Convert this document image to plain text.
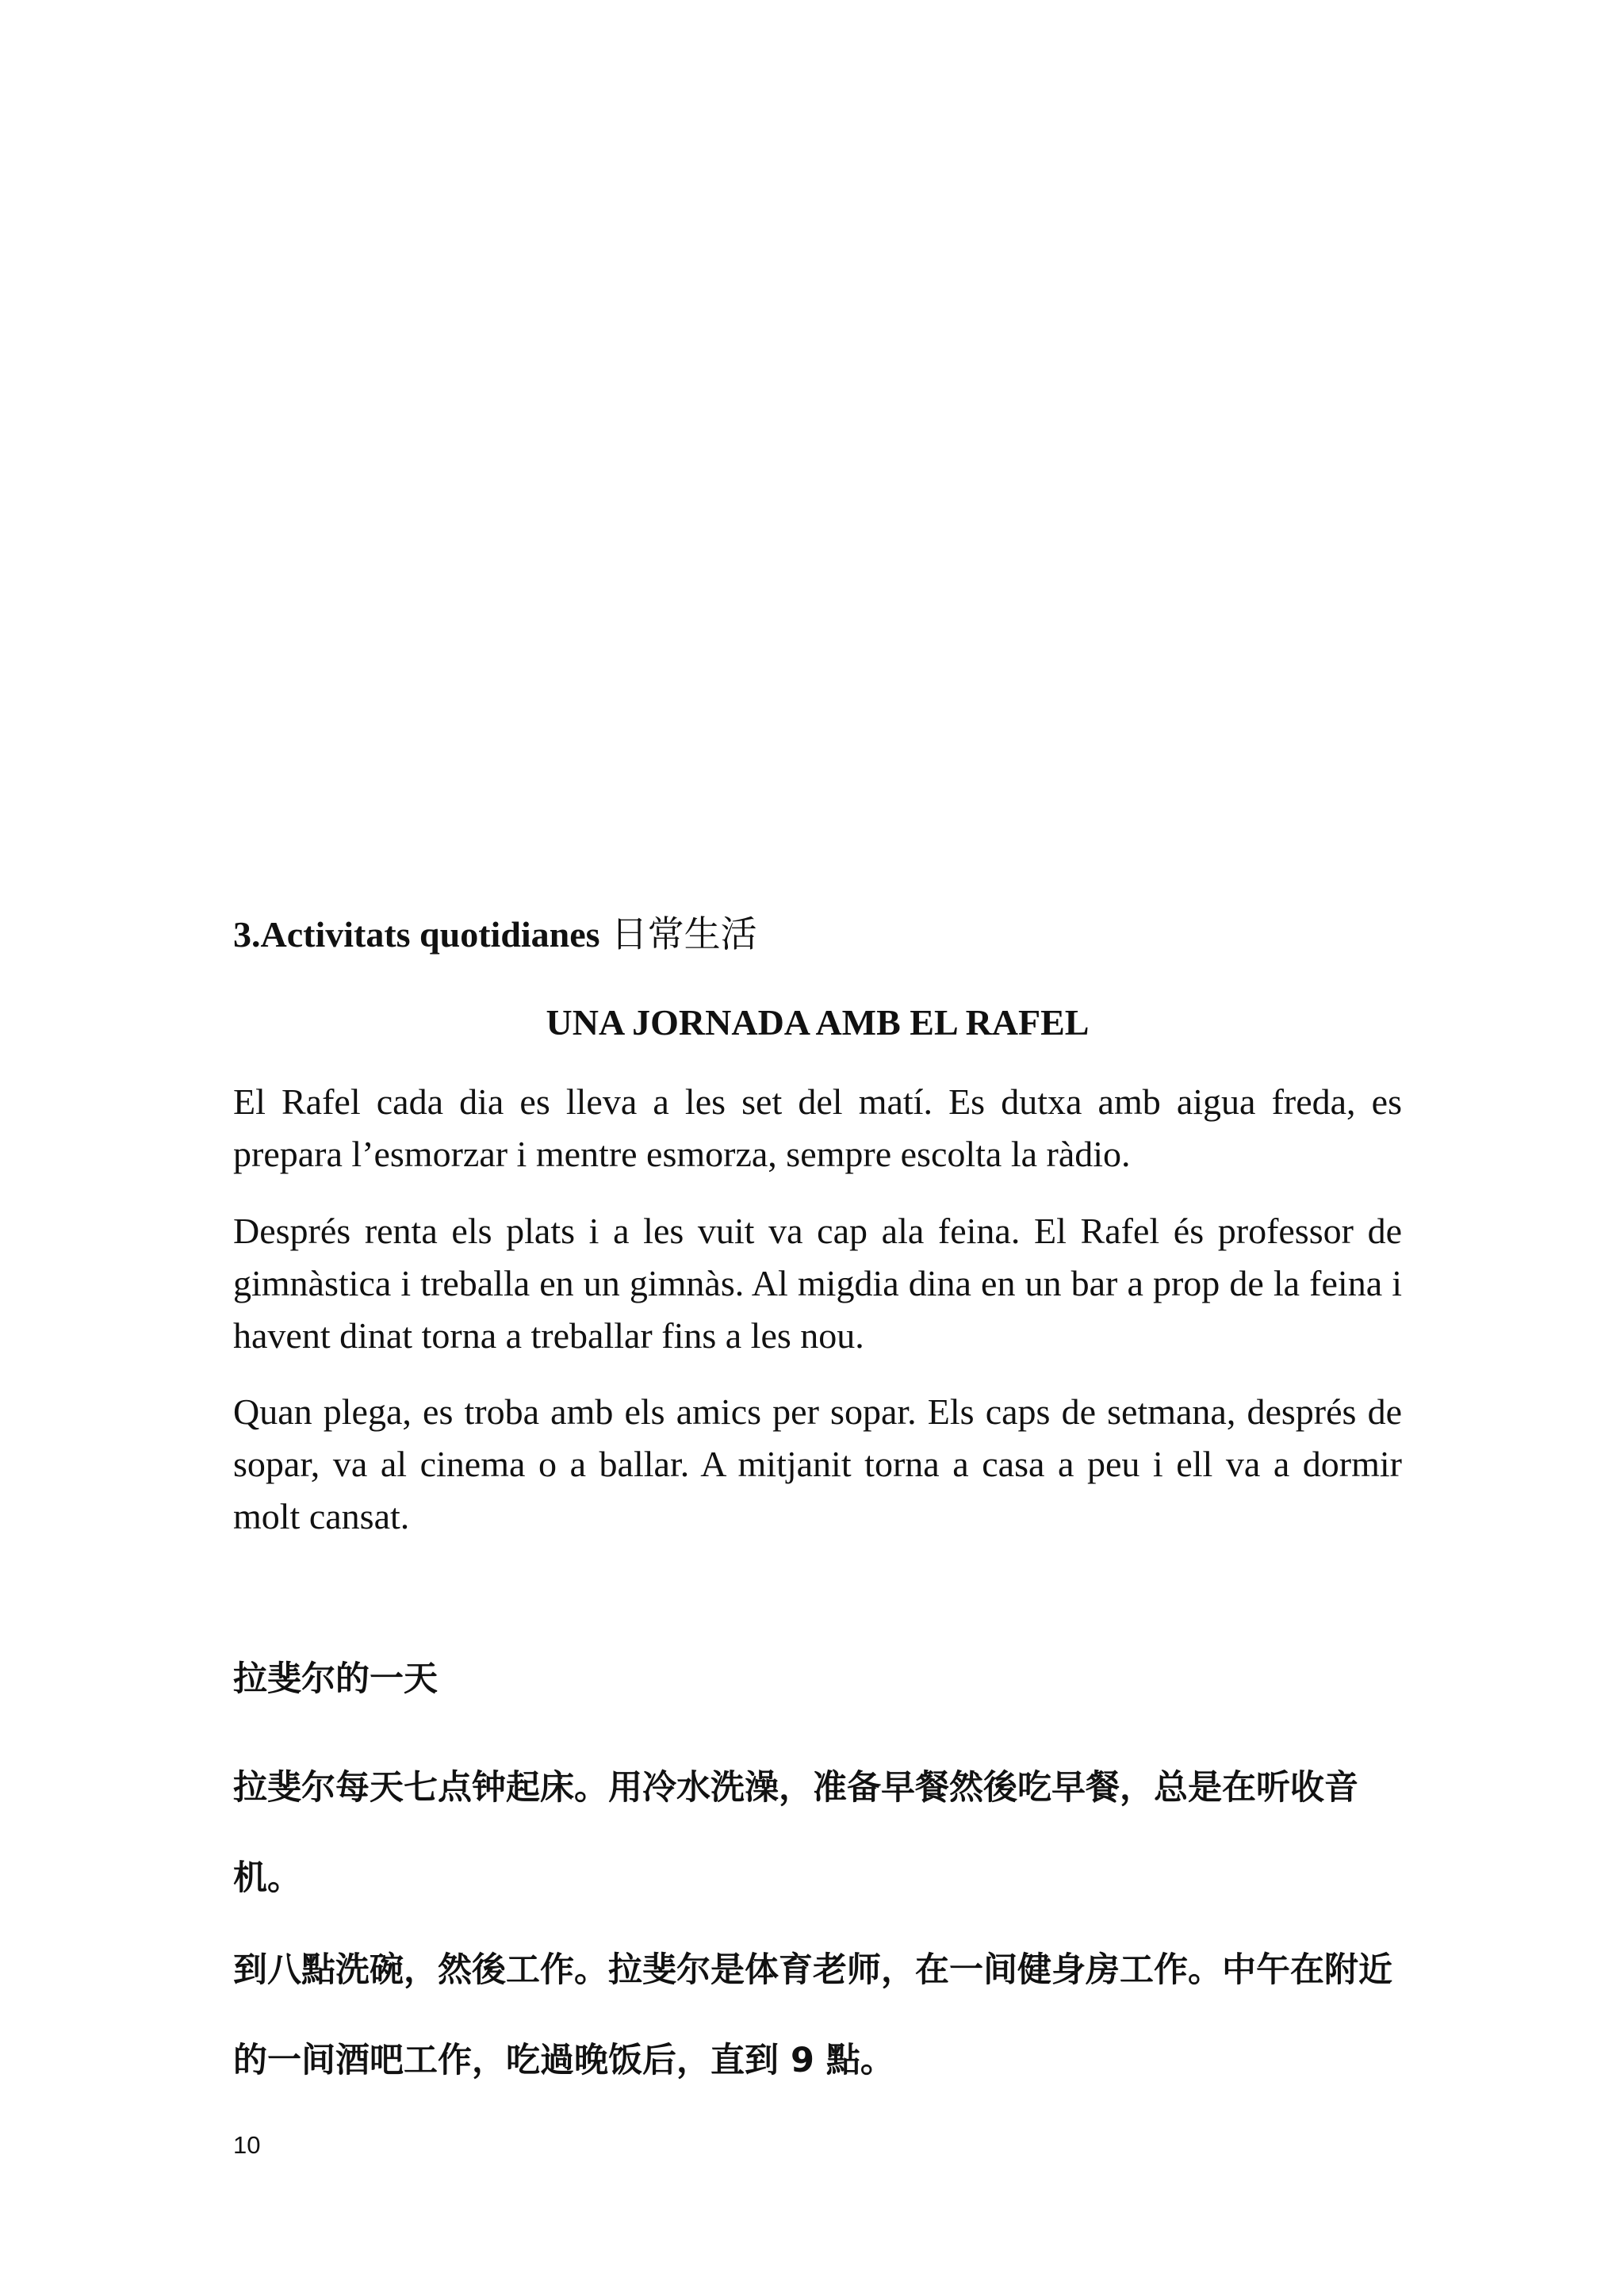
3.Activitats quotidianes 日常生活
UNA JORNADA AMB EL RAFEL

El Rafel cada dia es lleva a les set del matí. Es dutxa amb aigua freda, es prepara l’esmorzar i mentre esmorza, sempre escolta la ràdio.

Després renta els plats i a les vuit va cap ala feina. El Rafel és professor de gimnàstica i treballa en un gimnàs. Al migdia dina en un bar a prop de la feina i havent dinat torna a treballar fins a les nou.

Quan plega, es troba amb els amics per sopar. Els caps de setmana, després de sopar, va al cinema o a ballar. A mitjanit torna a casa a peu i ell va a dormir molt cansat.

拉斐尔的一天

拉斐尔每天七点钟起床。用冷水洗澡，准备早餐然後吃早餐，总是在听收音机。

到八點洗碗，然後工作。拉斐尔是体育老师，在一间健身房工作。中午在附近的一间酒吧工作，吃過晚饭后，直到 9 點。

10
